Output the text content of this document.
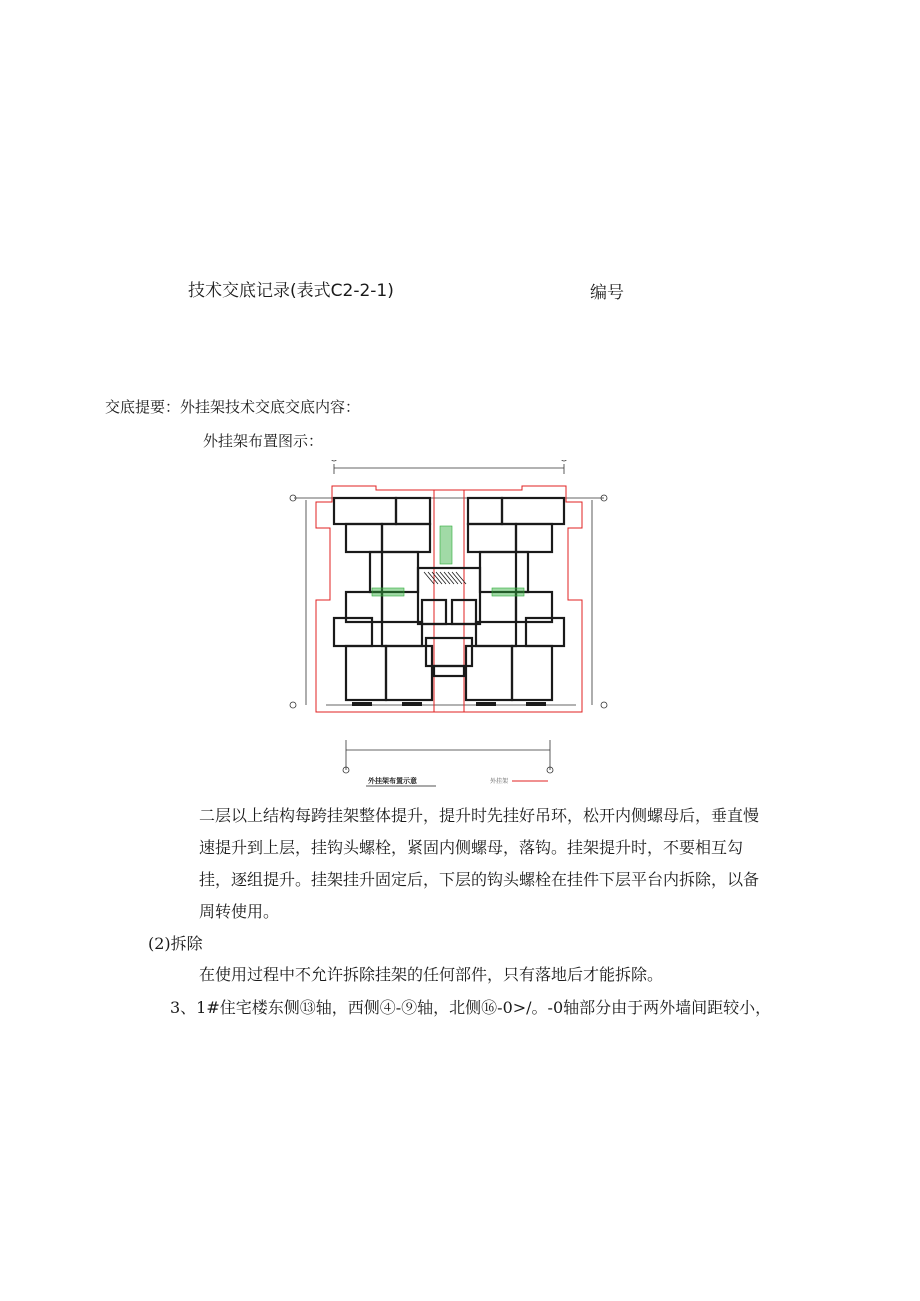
技术交底记录(表式C2-2-1)	编号
交底提要：外挂架技术交底交底内容：
外挂架布置图示：
外挂架布置示意	外挂架
二层以上结构每跨挂架整体提升，提升时先挂好吊环，松开内侧螺母后，垂直慢
速提升到上层，挂钩头螺栓，紧固内侧螺母，落钩。挂架提升时，不要相互勾
挂，逐组提升。挂架挂升固定后，下层的钩头螺栓在挂件下层平台内拆除，以备
周转使用。
(2)拆除
在使用过程中不允许拆除挂架的任何部件，只有落地后才能拆除。
3、1#住宅楼东侧⑬轴，西侧④-⑨轴，北侧⑯-0>/。-0轴部分由于两外墙间距较小，
